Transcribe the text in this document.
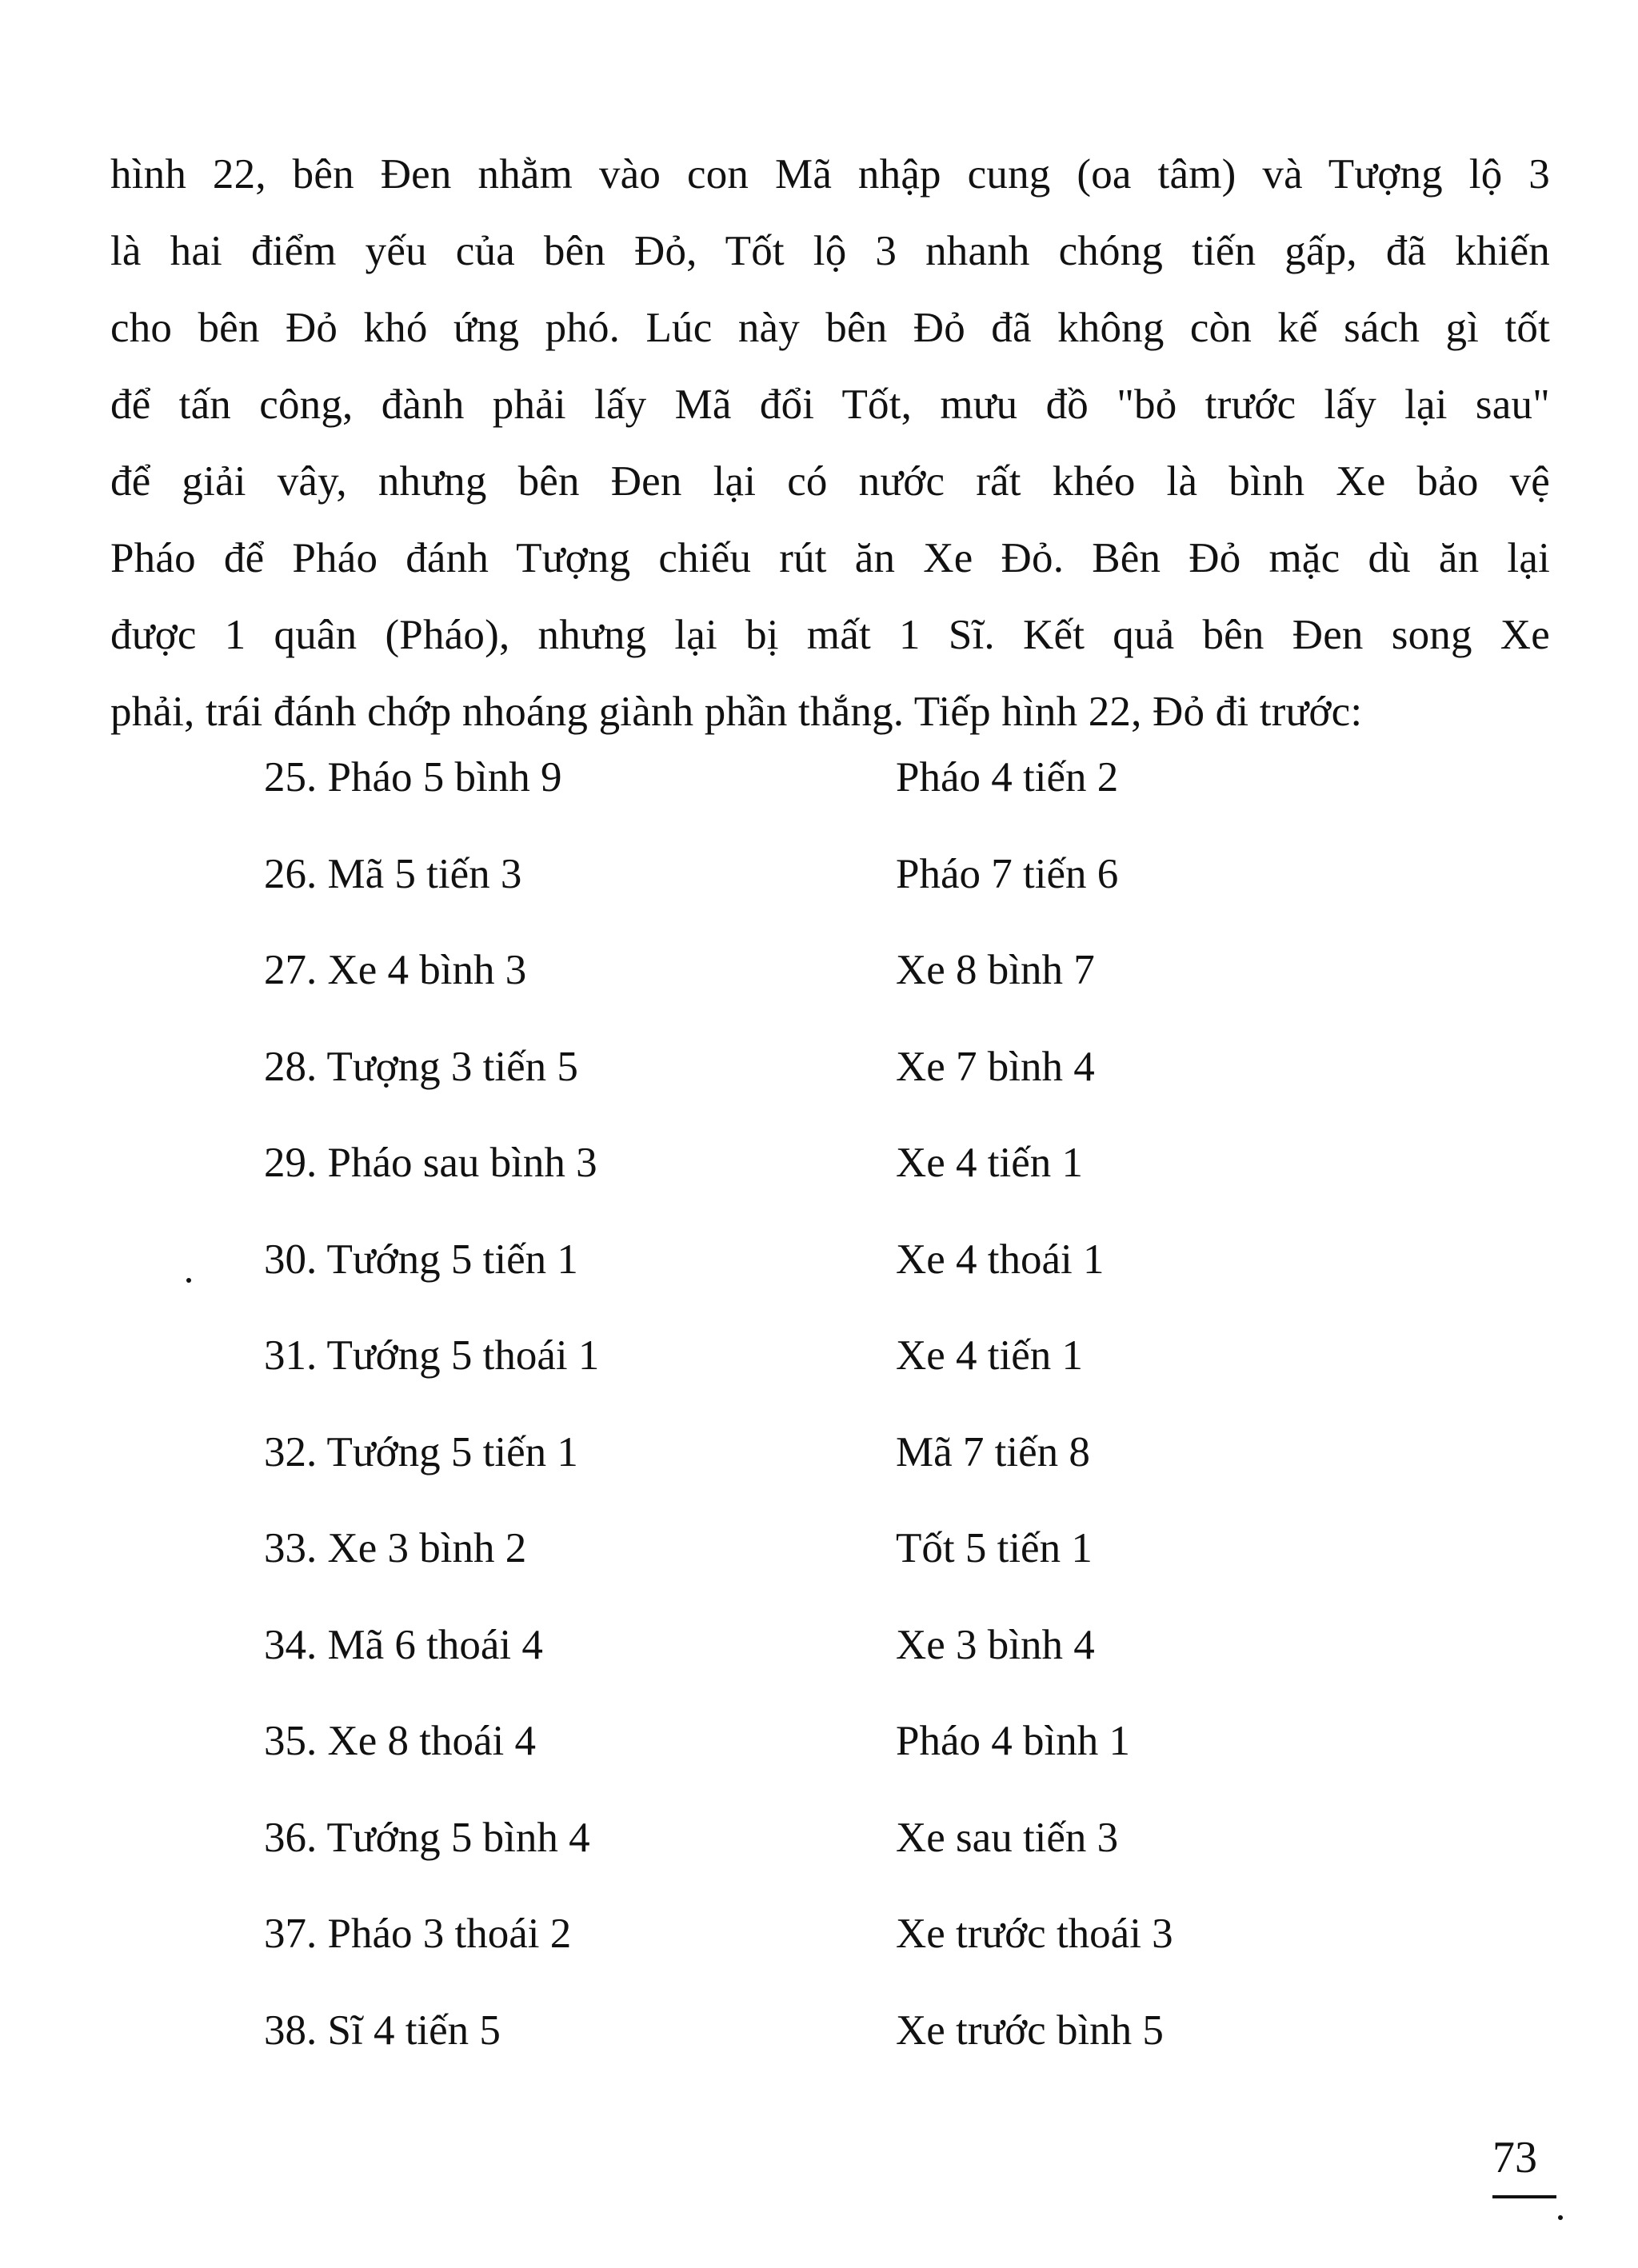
hình 22, bên Đen nhằm vào con Mã nhập cung (oa tâm) và Tượng lộ 3
là hai điểm yếu của bên Đỏ, Tốt lộ 3 nhanh chóng tiến gấp, đã khiến
cho bên Đỏ khó ứng phó. Lúc này bên Đỏ đã không còn kế sách gì tốt
để tấn công, đành phải lấy Mã đổi Tốt, mưu đồ "bỏ trước lấy lại sau"
để giải vây, nhưng bên Đen lại có nước rất khéo là bình Xe bảo vệ
Pháo để Pháo đánh Tượng chiếu rút ăn Xe Đỏ. Bên Đỏ mặc dù ăn lại
được 1 quân (Pháo), nhưng lại bị mất 1 Sĩ. Kết quả bên Đen song Xe
phải, trái đánh chớp nhoáng giành phần thắng. Tiếp hình 22, Đỏ đi trước:
25. Pháo 5 bình 9	Pháo 4 tiến 2
26. Mã 5 tiến 3	Pháo 7 tiến 6
27. Xe 4 bình 3	Xe 8 bình 7
28. Tượng 3 tiến 5	Xe 7 bình 4
29. Pháo sau bình 3	Xe 4 tiến 1
30. Tướng 5 tiến 1	Xe 4 thoái 1
31. Tướng 5 thoái 1	Xe 4 tiến 1
32. Tướng 5 tiến 1	Mã 7 tiến 8
33. Xe 3 bình 2	Tốt 5 tiến 1
34. Mã 6 thoái 4	Xe 3 bình 4
35. Xe 8 thoái 4	Pháo 4 bình 1
36. Tướng 5 bình 4	Xe sau tiến 3
37. Pháo 3 thoái 2	Xe trước thoái 3
38. Sĩ 4 tiến 5	Xe trước bình 5
73
